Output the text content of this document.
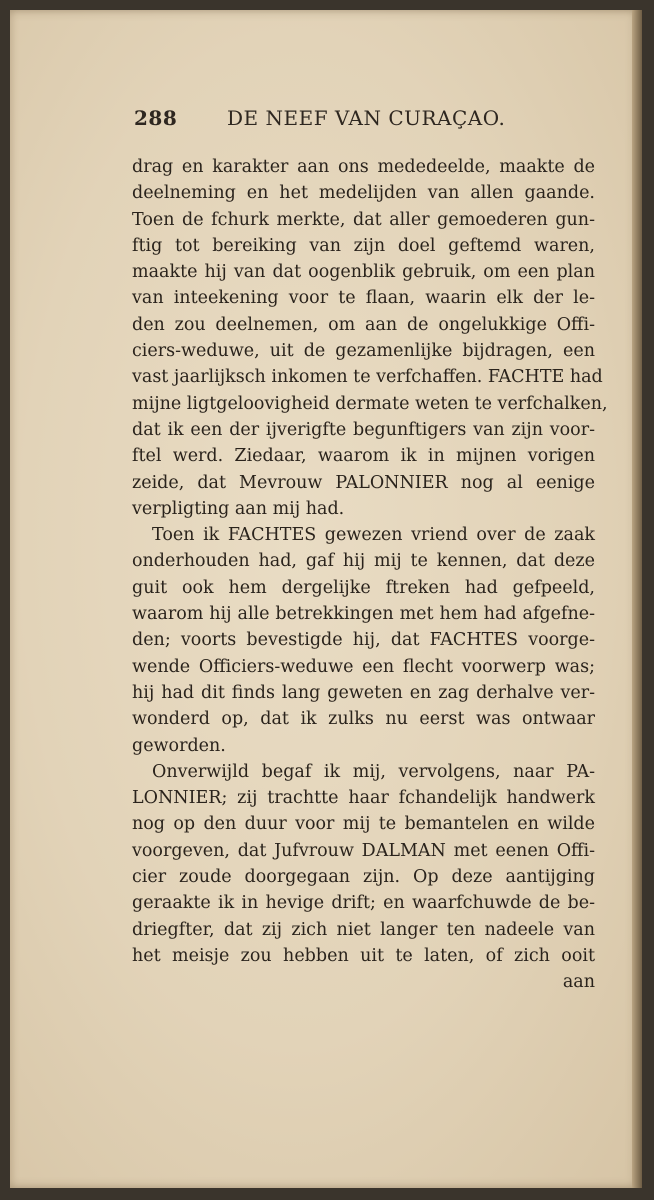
288 DE NEEF VAN CURAÇAO.
drag en karakter aan ons mededeelde, maakte de
deelneming en het medelijden van allen gaande.
Toen de fchurk merkte, dat aller gemoederen gun-
ftig tot bereiking van zijn doel geftemd waren,
maakte hij van dat oogenblik gebruik, om een plan
van inteekening voor te flaan, waarin elk der le-
den zou deelnemen, om aan de ongelukkige Offi-
ciers-weduwe, uit de gezamenlijke bijdragen, een
vast jaarlijksch inkomen te verfchaffen. FACHTE had
mijne ligtgeloovigheid dermate weten te verfchalken,
dat ik een der ijverigfte begunftigers van zijn voor-
ftel werd. Ziedaar, waarom ik in mijnen vorigen
zeide, dat Mevrouw PALONNIER nog al eenige
verpligting aan mij had.
Toen ik FACHTES gewezen vriend over de zaak
onderhouden had, gaf hij mij te kennen, dat deze
guit ook hem dergelijke ftreken had gefpeeld,
waarom hij alle betrekkingen met hem had afgefne-
den; voorts bevestigde hij, dat FACHTES voorge-
wende Officiers-weduwe een flecht voorwerp was;
hij had dit finds lang geweten en zag derhalve ver-
wonderd op, dat ik zulks nu eerst was ontwaar
geworden.
Onverwijld begaf ik mij, vervolgens, naar PA-
LONNIER; zij trachtte haar fchandelijk handwerk
nog op den duur voor mij te bemantelen en wilde
voorgeven, dat Jufvrouw DALMAN met eenen Offi-
cier zoude doorgegaan zijn. Op deze aantijging
geraakte ik in hevige drift; en waarfchuwde de be-
driegfter, dat zij zich niet langer ten nadeele van
het meisje zou hebben uit te laten, of zich ooit
aan
